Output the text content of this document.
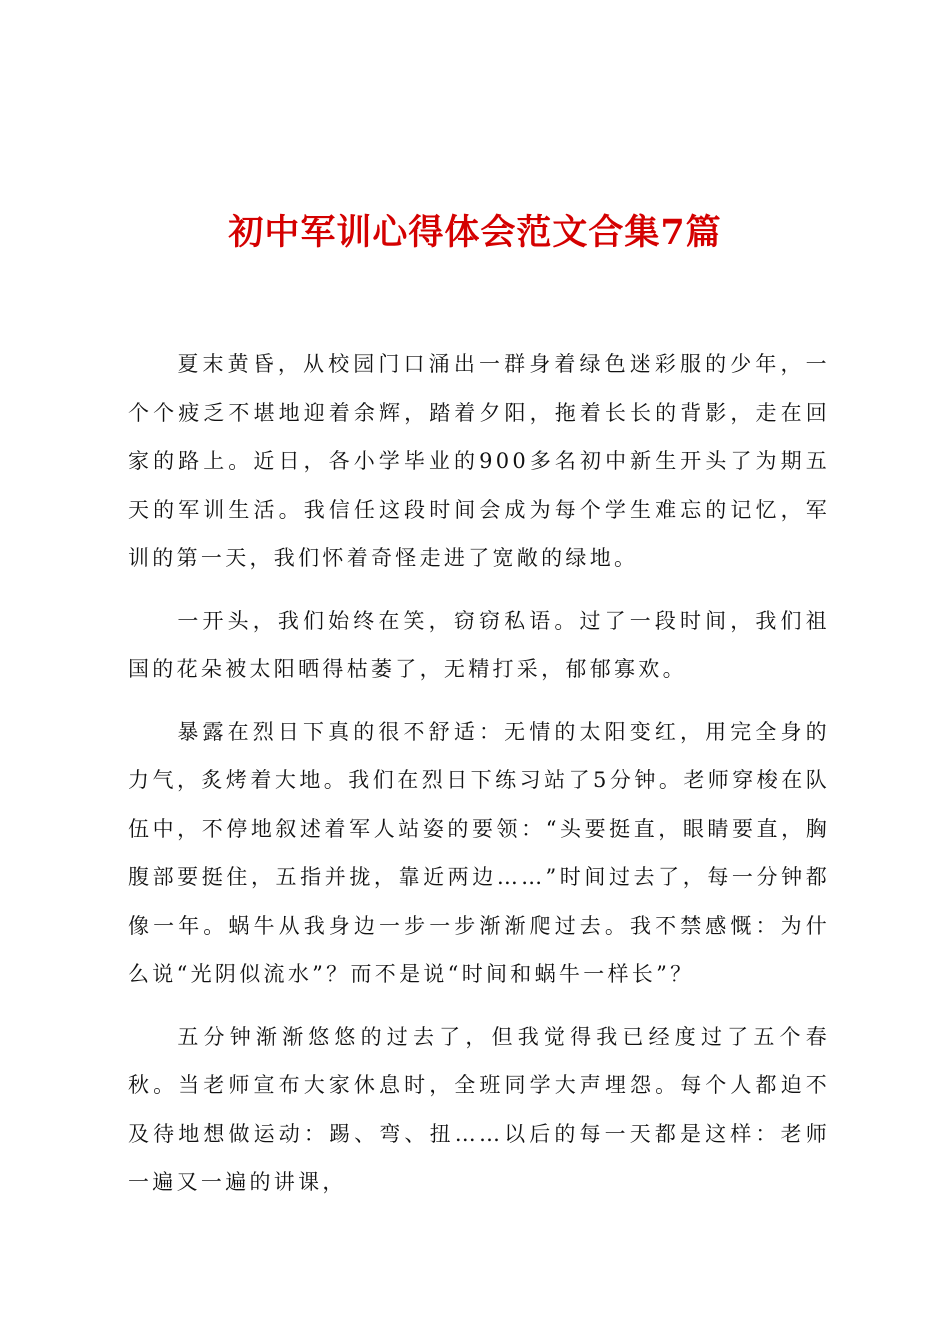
初中军训心得体会范文合集7篇

夏末黄昏，从校园门口涌出一群身着绿色迷彩服的少年，一个个疲乏不堪地迎着余辉，踏着夕阳，拖着长长的背影，走在回家的路上。近日，各小学毕业的900多名初中新生开头了为期五天的军训生活。我信任这段时间会成为每个学生难忘的记忆，军训的第一天，我们怀着奇怪走进了宽敞的绿地。

一开头，我们始终在笑，窃窃私语。过了一段时间，我们祖国的花朵被太阳晒得枯萎了，无精打采，郁郁寡欢。

暴露在烈日下真的很不舒适：无情的太阳变红，用完全身的力气，炙烤着大地。我们在烈日下练习站了5分钟。老师穿梭在队伍中，不停地叙述着军人站姿的要领：“头要挺直，眼睛要直，胸腹部要挺住，五指并拢，靠近两边……”时间过去了，每一分钟都像一年。蜗牛从我身边一步一步渐渐爬过去。我不禁感慨：为什么说“光阴似流水”？而不是说“时间和蜗牛一样长”？

五分钟渐渐悠悠的过去了，但我觉得我已经度过了五个春秋。当老师宣布大家休息时，全班同学大声埋怨。每个人都迫不及待地想做运动：踢、弯、扭……以后的每一天都是这样：老师一遍又一遍的讲课，
